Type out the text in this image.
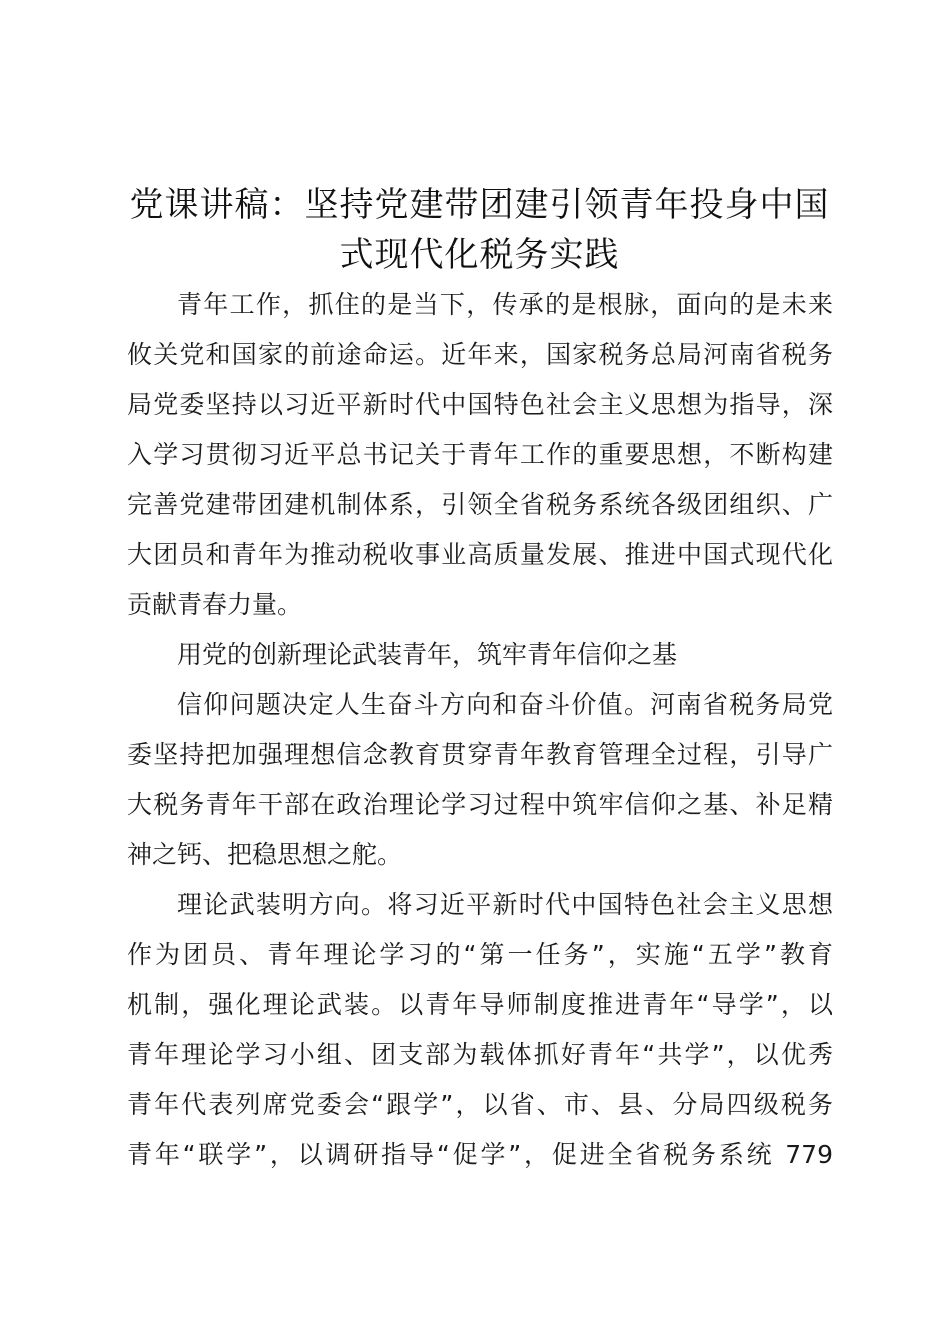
党课讲稿：坚持党建带团建引领青年投身中国
式现代化税务实践
青年工作，抓住的是当下，传承的是根脉，面向的是未来
攸关党和国家的前途命运。近年来，国家税务总局河南省税务
局党委坚持以习近平新时代中国特色社会主义思想为指导，深
入学习贯彻习近平总书记关于青年工作的重要思想，不断构建
完善党建带团建机制体系，引领全省税务系统各级团组织、广
大团员和青年为推动税收事业高质量发展、推进中国式现代化
贡献青春力量。
用党的创新理论武装青年，筑牢青年信仰之基
信仰问题决定人生奋斗方向和奋斗价值。河南省税务局党
委坚持把加强理想信念教育贯穿青年教育管理全过程，引导广
大税务青年干部在政治理论学习过程中筑牢信仰之基、补足精
神之钙、把稳思想之舵。
理论武装明方向。将习近平新时代中国特色社会主义思想
作为团员、青年理论学习的“第一任务”，实施“五学”教育
机制，强化理论武装。以青年导师制度推进青年“导学”，以
青年理论学习小组、团支部为载体抓好青年“共学”，以优秀
青年代表列席党委会“跟学”，以省、市、县、分局四级税务
青年“联学”，以调研指导“促学”，促进全省税务系统 779
